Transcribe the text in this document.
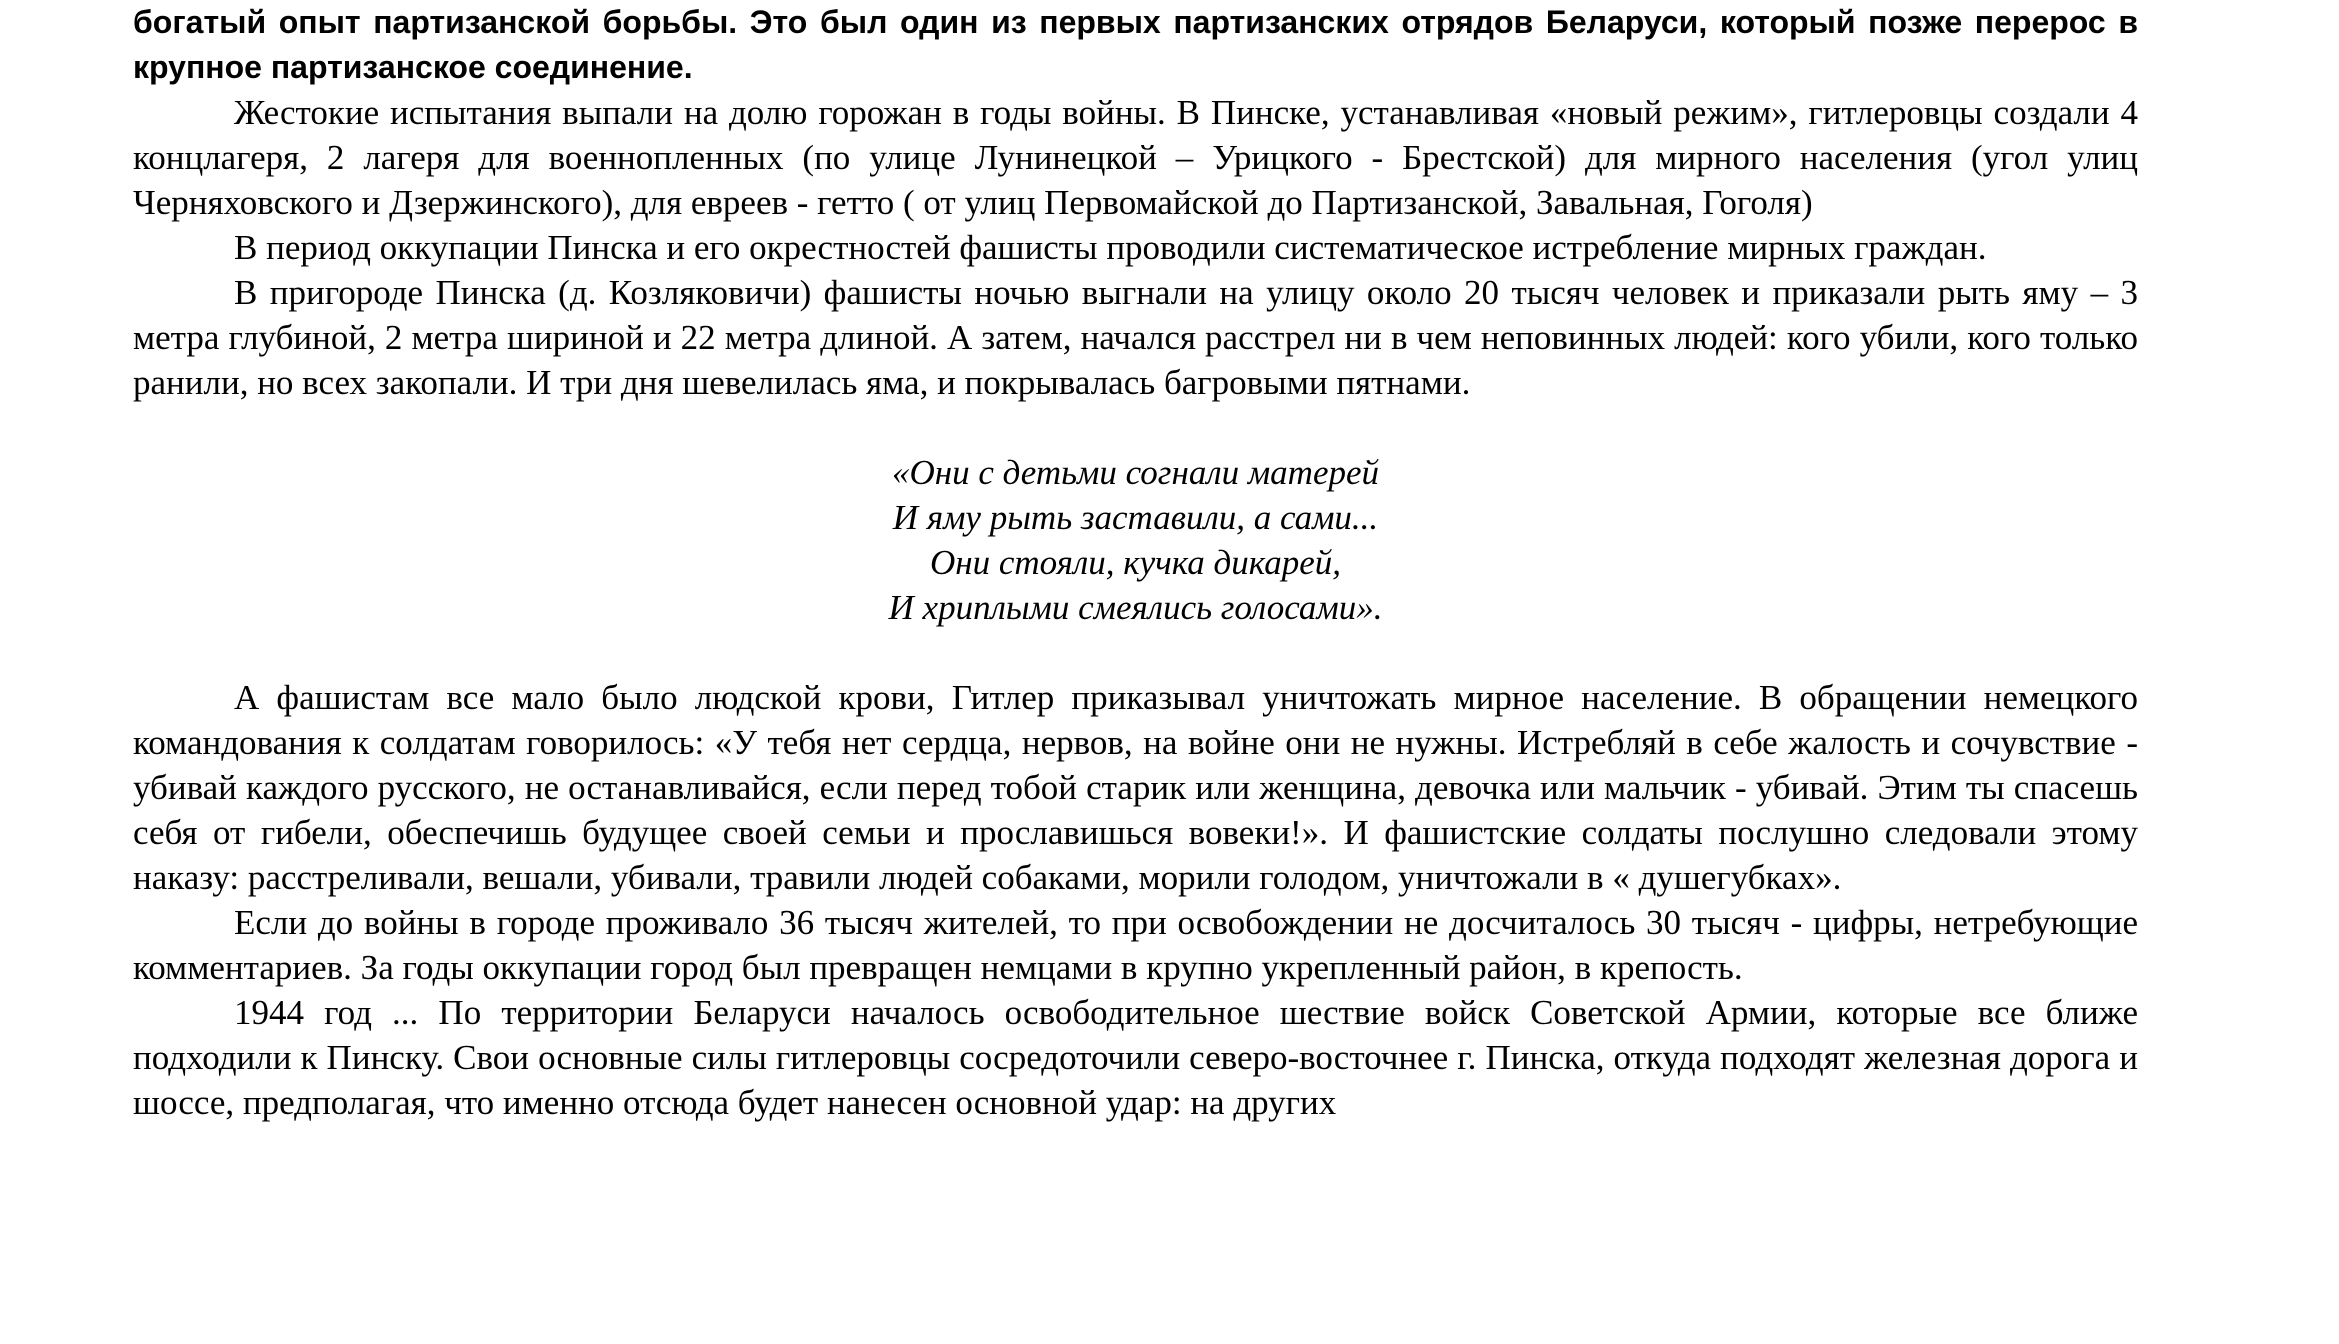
богатый опыт партизанской борьбы. Это был один из первых партизанских отрядов Беларуси, который позже перерос в крупное партизанское соединение.

Жестокие испытания выпали на долю горожан в годы войны. В Пинске, устанавливая «новый режим», гитлеровцы создали 4 концлагеря, 2 лагеря для военнопленных (по улице Лунинецкой – Урицкого - Брестской) для мирного населения (угол улиц Черняховского и Дзержинского), для евреев - гетто ( от улиц Первомайской до Партизанской, Завальная, Гоголя)

В период оккупации Пинска и его окрестностей фашисты проводили систематическое истребление мирных граждан.

В пригороде Пинска (д. Козляковичи) фашисты ночью выгнали на улицу около 20 тысяч человек и приказали рыть яму – 3 метра глубиной, 2 метра шириной и 22 метра длиной. А затем, начался расстрел ни в чем неповинных людей: кого убили, кого только ранили, но всех закопали. И три дня шевелилась яма, и покрывалась багровыми пятнами.

«Они с детьми согнали матерей
И яму рыть заставили, а сами...
Они стояли, кучка дикарей,
И хриплыми смеялись голосами».

А фашистам все мало было людской крови, Гитлер приказывал уничтожать мирное население. В обращении немецкого командования к солдатам говорилось: «У тебя нет сердца, нервов, на войне они не нужны. Истребляй в себе жалость и сочувствие - убивай каждого русского, не останавливайся, если перед тобой старик или женщина, девочка или мальчик - убивай. Этим ты спасешь себя от гибели, обеспечишь будущее своей семьи и прославишься вовеки!». И фашистские солдаты послушно следовали этому наказу: расстреливали, вешали, убивали, травили людей собаками, морили голодом, уничтожали в « душегубках».

Если до войны в городе проживало 36 тысяч жителей, то при освобождении не досчиталось 30 тысяч - цифры, нетребующие комментариев. За годы оккупации город был превращен немцами в крупно укрепленный район, в крепость.

1944 год ... По территории Беларуси началось освободительное шествие войск Советской Армии, которые все ближе подходили к Пинску. Свои основные силы гитлеровцы сосредоточили северо-восточнее г. Пинска, откуда подходят железная дорога и шоссе, предполагая, что именно отсюда будет нанесен основной удар: на других
